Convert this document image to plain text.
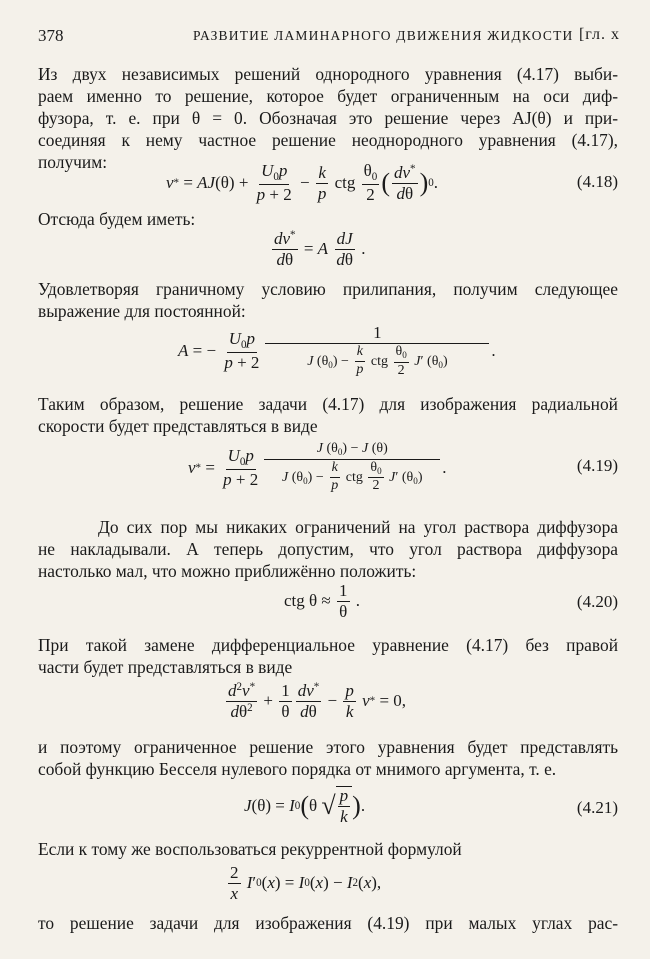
378	РАЗВИТИЕ ЛАМИНАРНОГО ДВИЖЕНИЯ ЖИДКОСТИ [гл. x
Из двух независимых решений однородного уравнения (4.17) выби-
раем именно то решение, которое будет ограниченным на оси диф-
фузора, т. е. при θ = 0. Обозначая это решение через AJ(θ) и при-
соединяя к нему частное решение неоднородного уравнения (4.17),
получим:
v * = AJ $(\theta) + \frac{U_0p}{p + 2} - \frac{k}{p}$ ctg $\frac{\theta_0}{2}$ ( $\frac{dv^*}{d\theta}$ ) 0 .	(4.18)
Отсюда будем иметь:
$\frac{dv^*}{d\theta} = A$
$\frac{dJ}{d\theta}$ .
Удовлетворяя граничному условию прилипания, получим следующее
выражение для постоянной:
A = − $\frac{U_0p}{p + 2} \frac{1}{J (\theta_0) - \frac{k}{p} ctg \frac{\theta_0}{2} J' (\theta_0)}$ .
Таким образом, решение задачи (4.17) для изображения радиальной
скорости будет представляться в виде
v * = $\frac{U_0p}{p + 2} \frac{J (\theta_0) - J (\theta)}{J (\theta_0) - \frac{k}{p} ctg \frac{\theta_0}{2} J' (\theta_0)}$ .	(4.19)
До сих пор мы никаких ограничений на угол раствора диффузора
не накладывали. А теперь допустим, что угол раствора диффузора
настолько мал, что можно приближённо положить:
ctg $\theta \approx \frac{1}{\theta}$ .	(4.20)
При такой замене дифференциальное уравнение (4.17) без правой
части будет представляться в виде
$\frac{d^2v^*}{d\theta^2} + \frac{1}{\theta} \frac{dv^*}{d\theta} - \frac{p}{k}$
v * = 0,
и поэтому ограниченное решение этого уравнения будет представлять
собой функцию Бесселя нулевого порядка от мнимого аргумента, т. е.
J (θ) = I 0 ( θ √ $\frac{p}{k}$ ) .	(4.21)
Если к тому же воспользоваться рекуррентной формулой
$\frac{2}{x}$
I ′ 0 ( x ) = I 0 ( x ) − I 2 ( x ),
то решение задачи для изображения (4.19) при малых углах рас-
